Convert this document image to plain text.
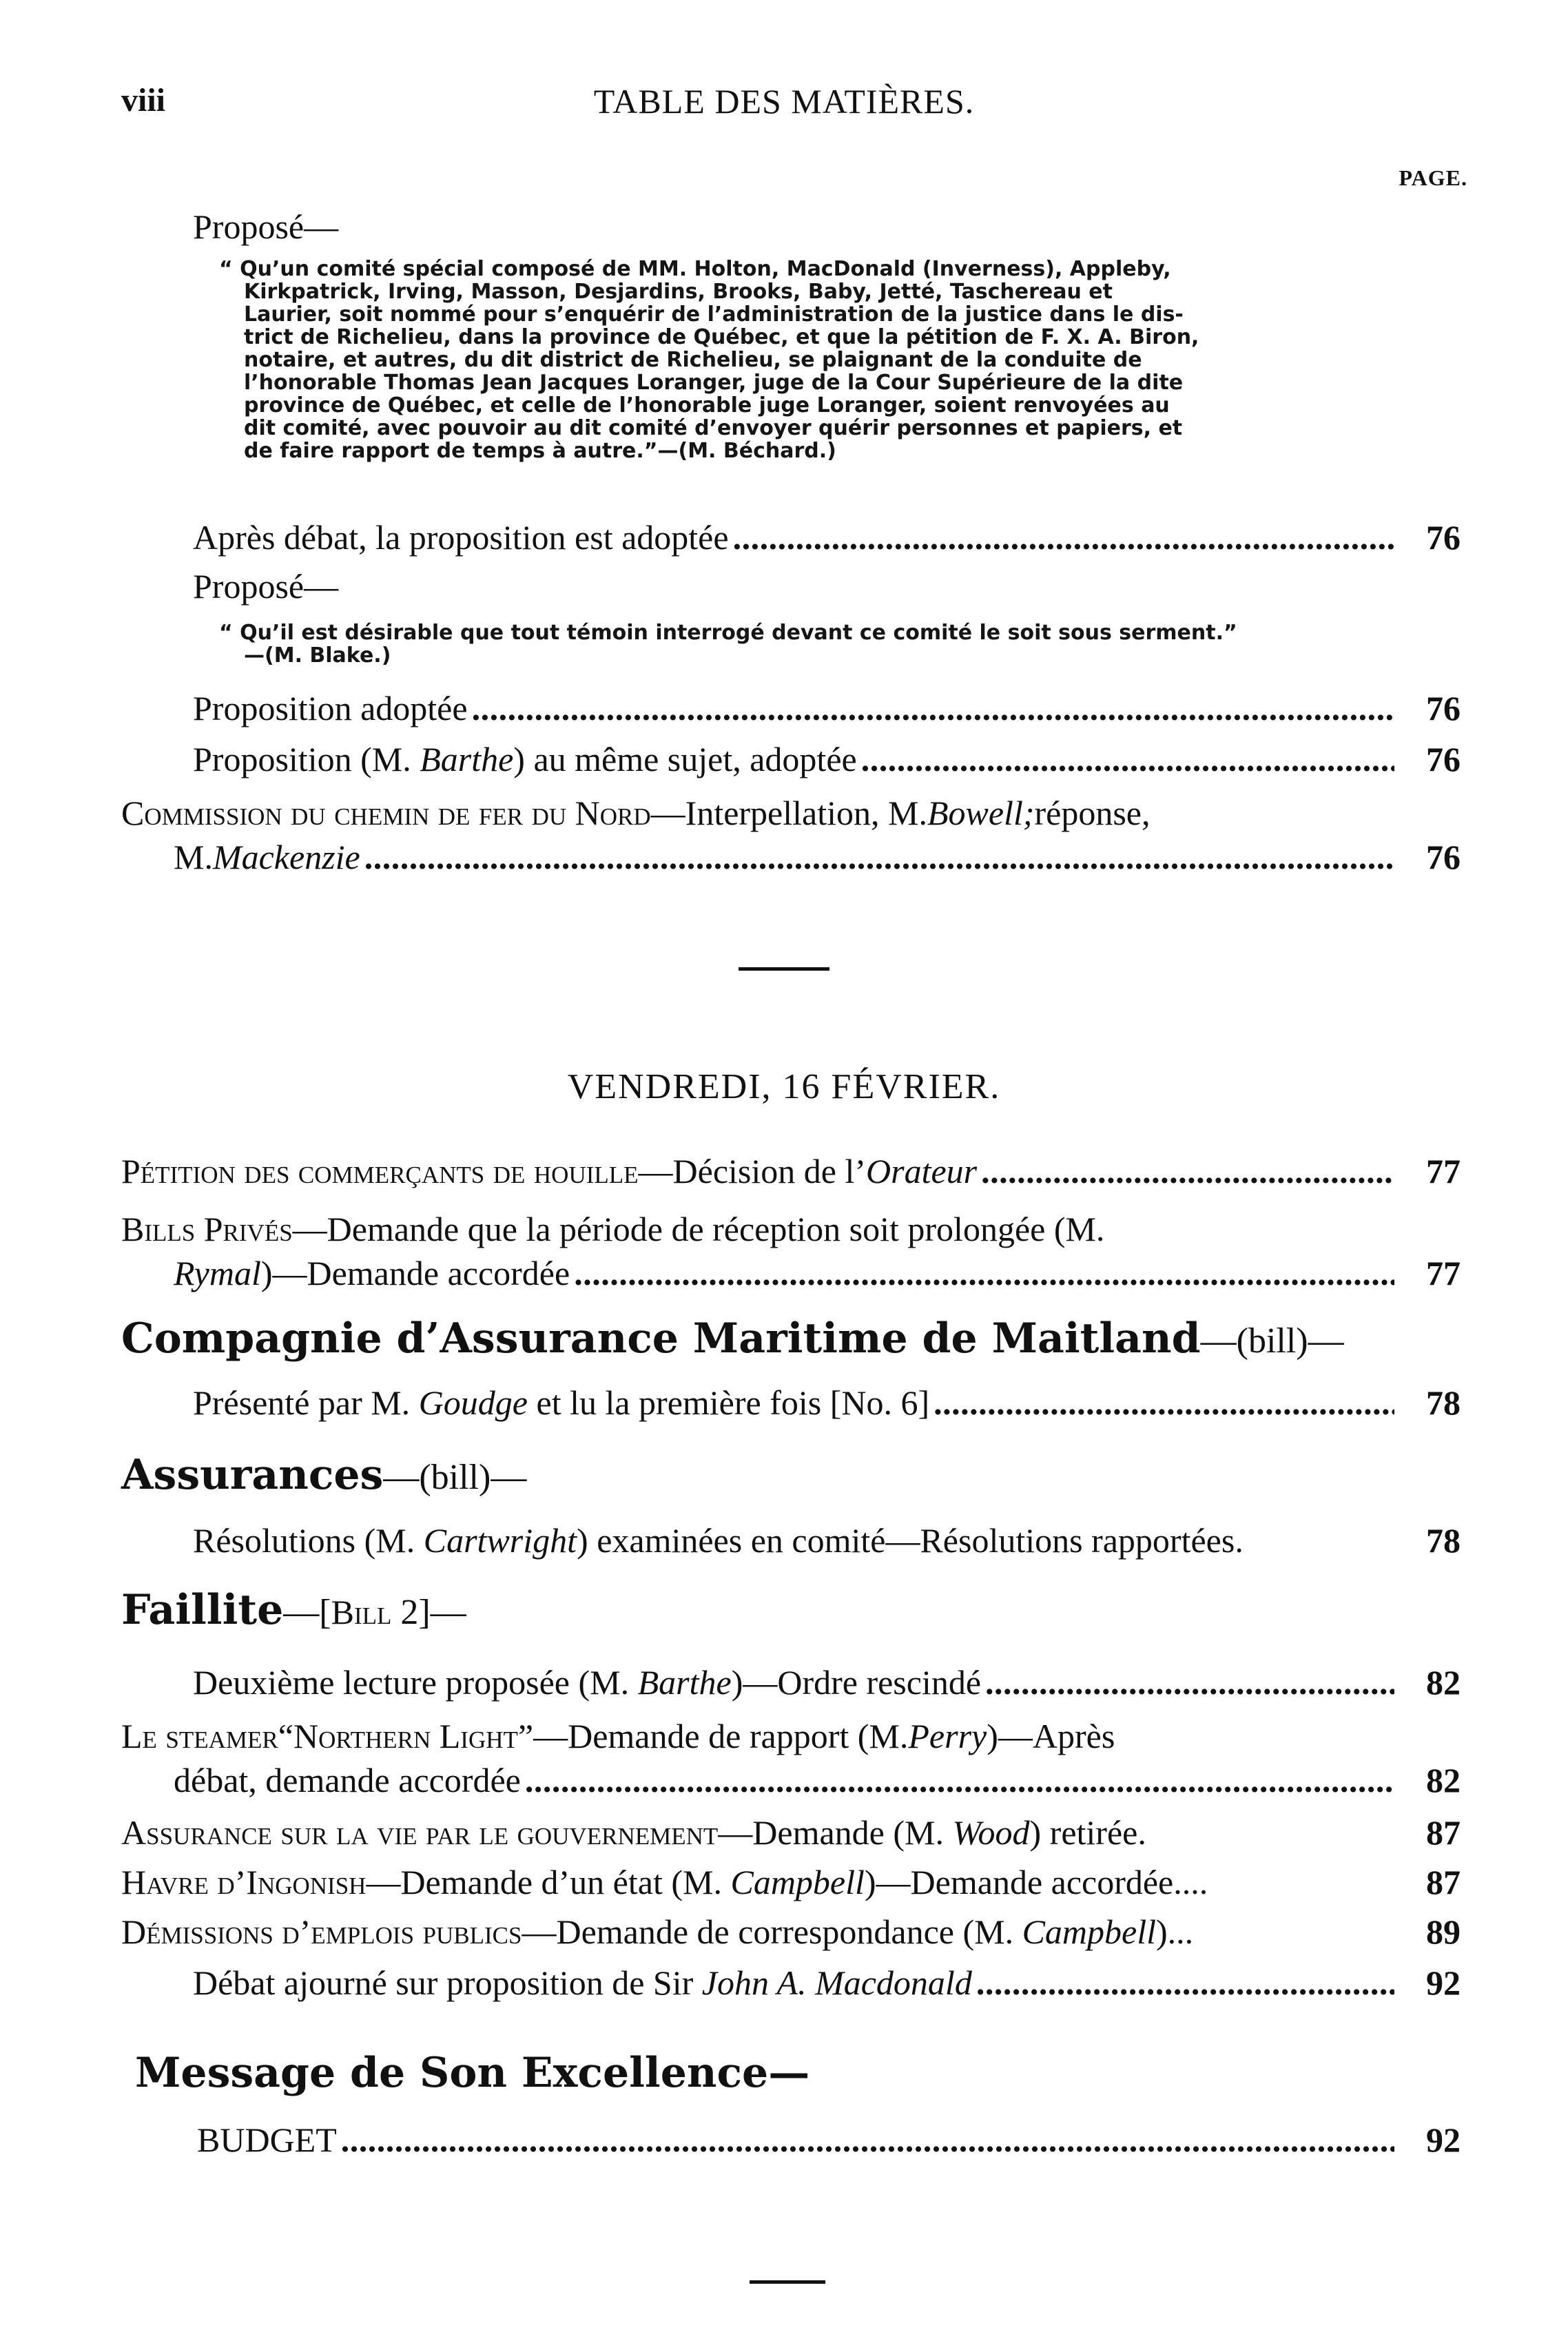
viii	TABLE DES MATIÈRES.
PAGE.
Proposé—

“ Qu’un comité spécial composé de MM. Holton, MacDonald (Inverness), Appleby,

Kirkpatrick, Irving, Masson, Desjardins, Brooks, Baby, Jetté, Taschereau et

Laurier, soit nommé pour s’enquérir de l’administration de la justice dans le dis-

trict de Richelieu, dans la province de Québec, et que la pétition de F. X. A. Biron,

notaire, et autres, du dit district de Richelieu, se plaignant de la conduite de

l’honorable Thomas Jean Jacques Loranger, juge de la Cour Supérieure de la dite

province de Québec, et celle de l’honorable juge Loranger, soient renvoyées au

dit comité, avec pouvoir au dit comité d’envoyer quérir personnes et papiers, et

de faire rapport de temps à autre.”—(M. Béchard.)

Après débat, la proposition est adoptée . . .	76
Proposé—

“ Qu’il est désirable que tout témoin interrogé devant ce comité le soit sous serment.”

—(M. Blake.)

Proposition adoptée . . .	76
Proposition (M. Barthe) au même sujet, adoptée . . .	76
Commission du chemin de fer du Nord —Interpellation, M. Bowell; réponse,
M. Mackenzie . . .	76
VENDREDI, 16 FÉVRIER.
Pétition des commerçants de houille—Décision de l’Orateur . . .	77
Bills Privés —Demande que la période de réception soit prolongée (M.
Rymal)—Demande accordée . . .	77
Compagnie d’Assurance Maritime de Maitland—(bill)—
Présenté par M. Goudge et lu la première fois [No. 6] . . .	78
Assurances—(bill)—
Résolutions (M. Cartwright) examinées en comité—Résolutions rapportées.	78
Faillite—[Bill 2]—
Deuxième lecture proposée (M. Barthe)—Ordre rescindé . . .	82
Le steamer “ Northern Light ” —Demande de rapport (M. Perry )—Après
débat, demande accordée . . .	82
Assurance sur la vie par le gouvernement—Demande (M. Wood) retirée.	87
Havre d’Ingonish—Demande d’un état (M. Campbell)—Demande accordée....	87
Démissions d’emplois publics—Demande de correspondance (M. Campbell)...	89
Débat ajourné sur proposition de Sir John A. Macdonald . . .	92
Message de Son Excellence—
BUDGET . . .	92
